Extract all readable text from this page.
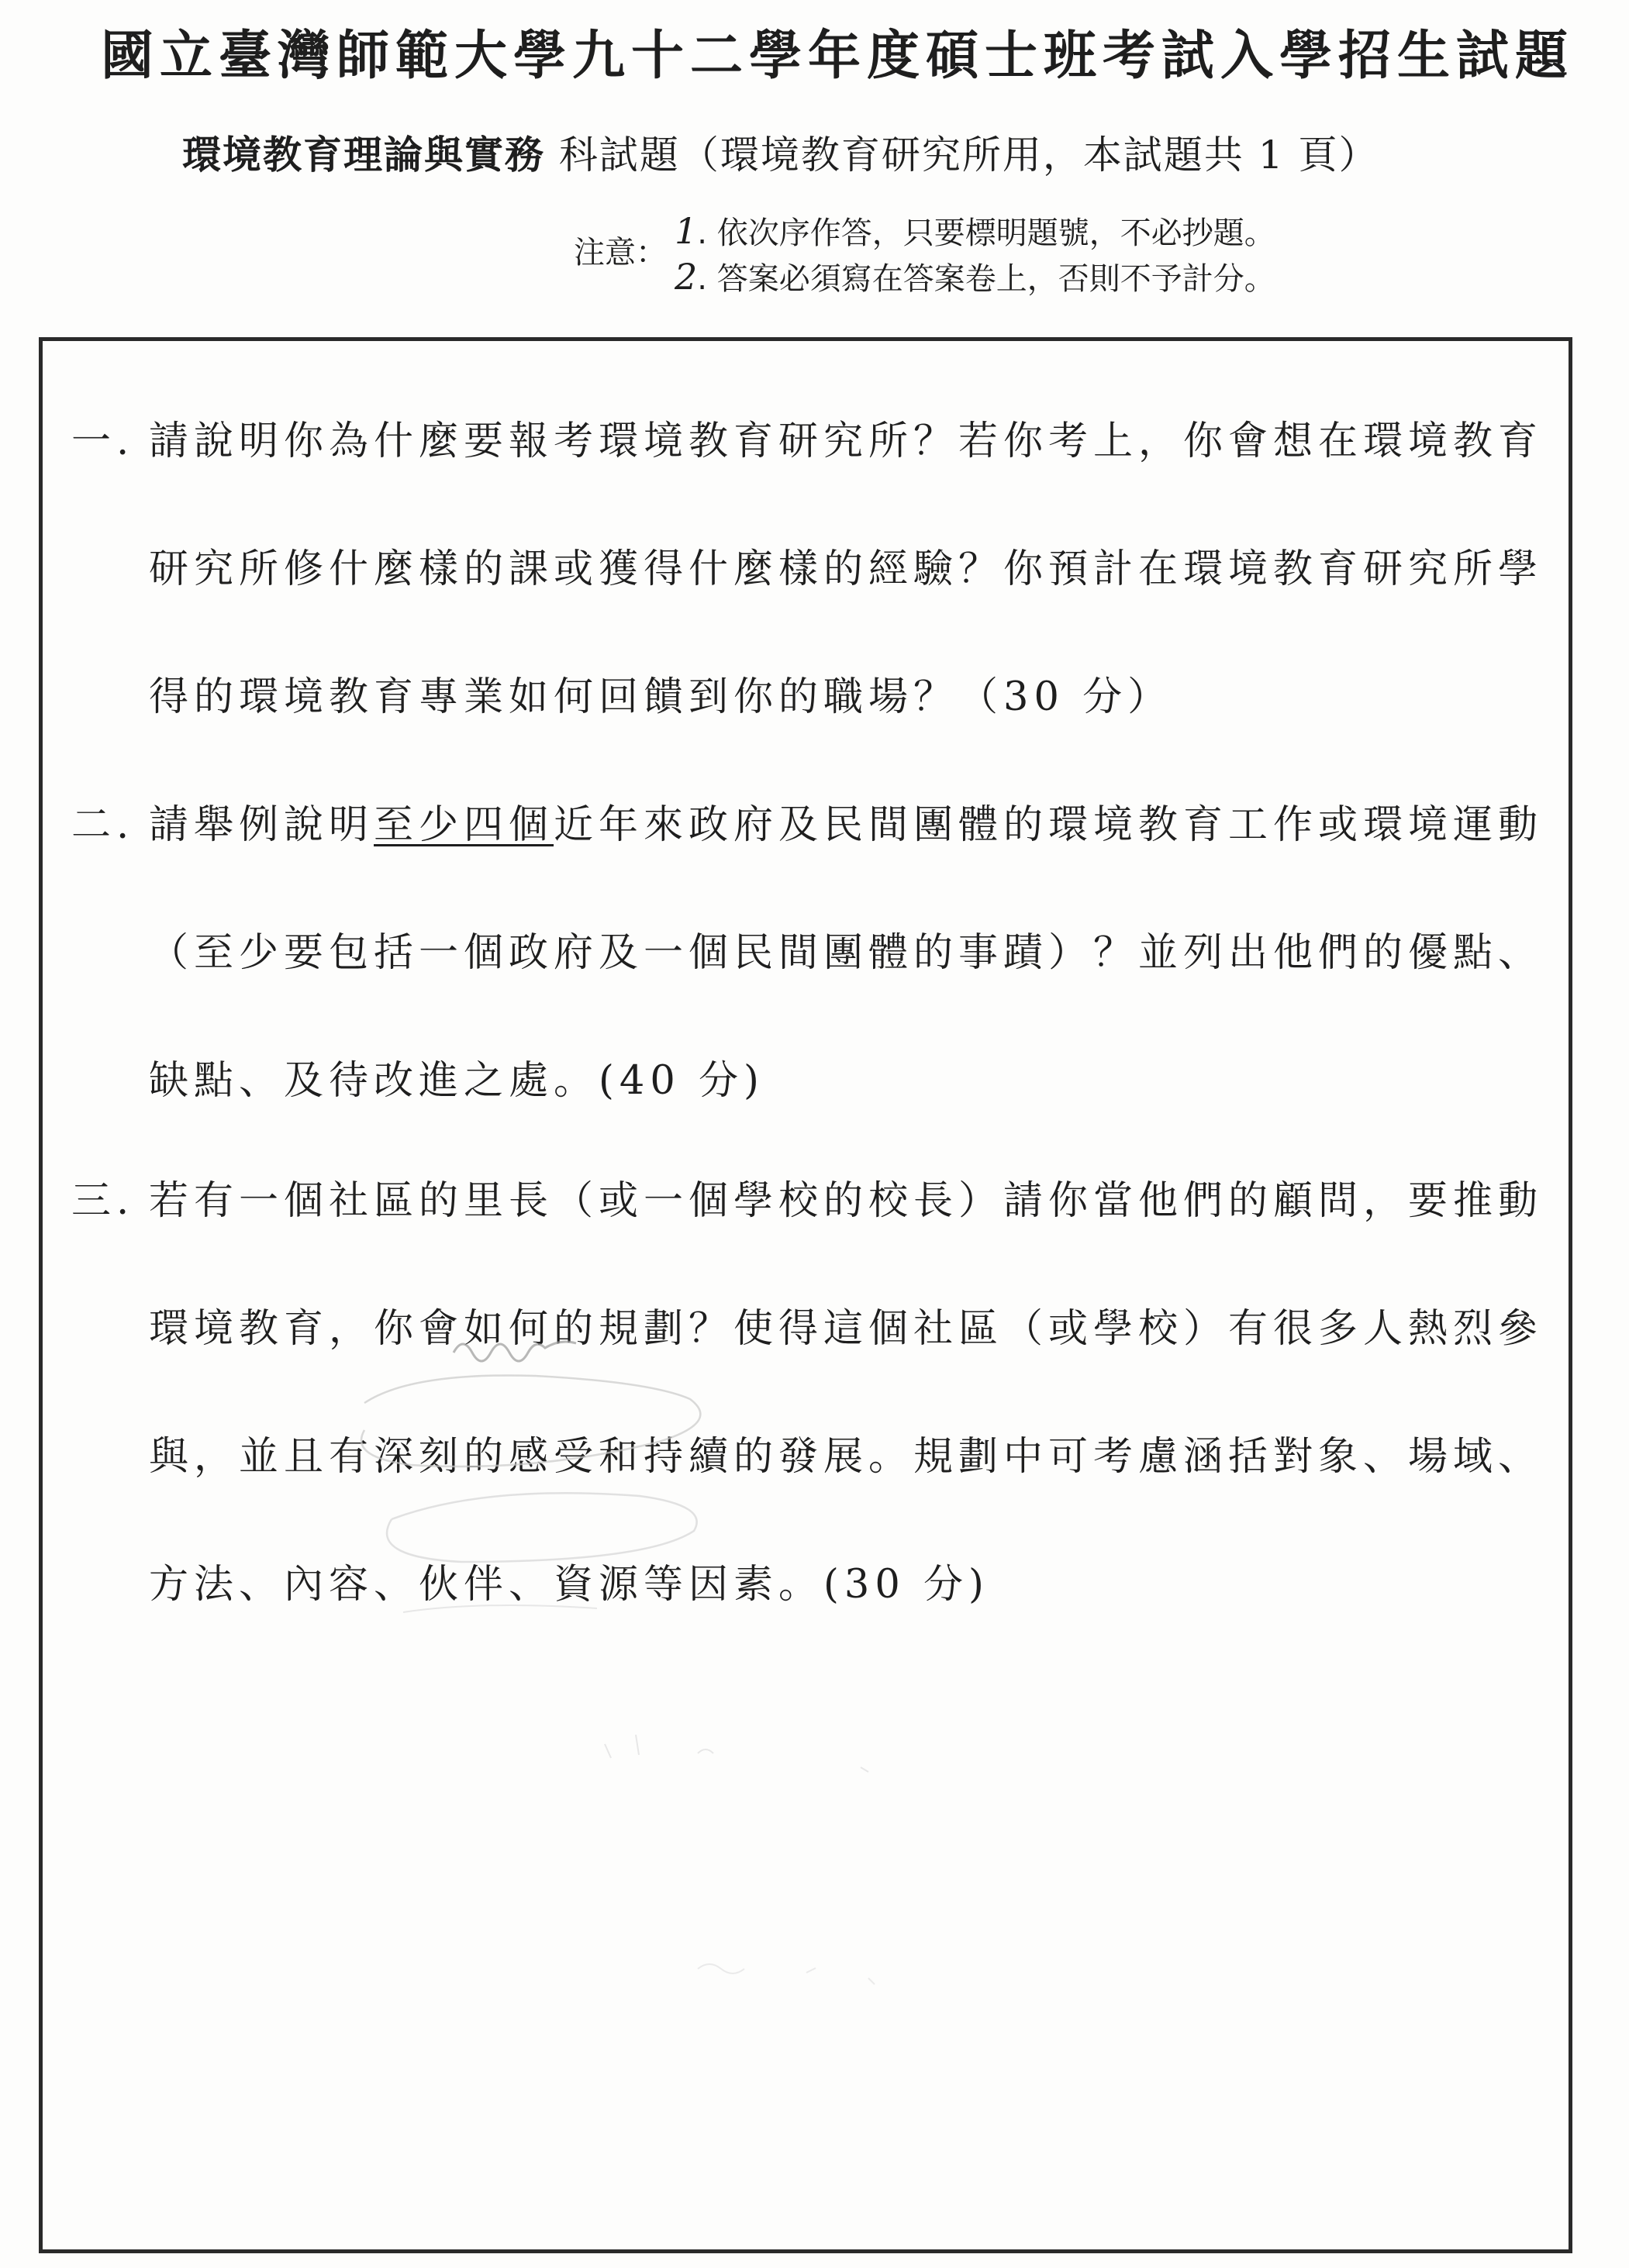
國立臺灣師範大學九十二學年度碩士班考試入學招生試題
環境教育理論與實務 科試題（環境教育研究所用，本試題共 1 頁）
注意：
1. 依次序作答，只要標明題號，不必抄題。
2. 答案必須寫在答案卷上，否則不予計分。
一. 請說明你為什麼要報考環境教育研究所？若你考上，你會想在環境教育
研究所修什麼樣的課或獲得什麼樣的經驗？你預計在環境教育研究所學
得的環境教育專業如何回饋到你的職場？（30 分）
二. 請舉例說明至少四個近年來政府及民間團體的環境教育工作或環境運動
（至少要包括一個政府及一個民間團體的事蹟）？並列出他們的優點、
缺點、及待改進之處。(40 分)
三. 若有一個社區的里長（或一個學校的校長）請你當他們的顧問，要推動
環境教育，你會如何的規劃？使得這個社區（或學校）有很多人熱烈參
與，並且有深刻的感受和持續的發展。規劃中可考慮涵括對象、場域、
方法、內容、伙伴、資源等因素。(30 分)
